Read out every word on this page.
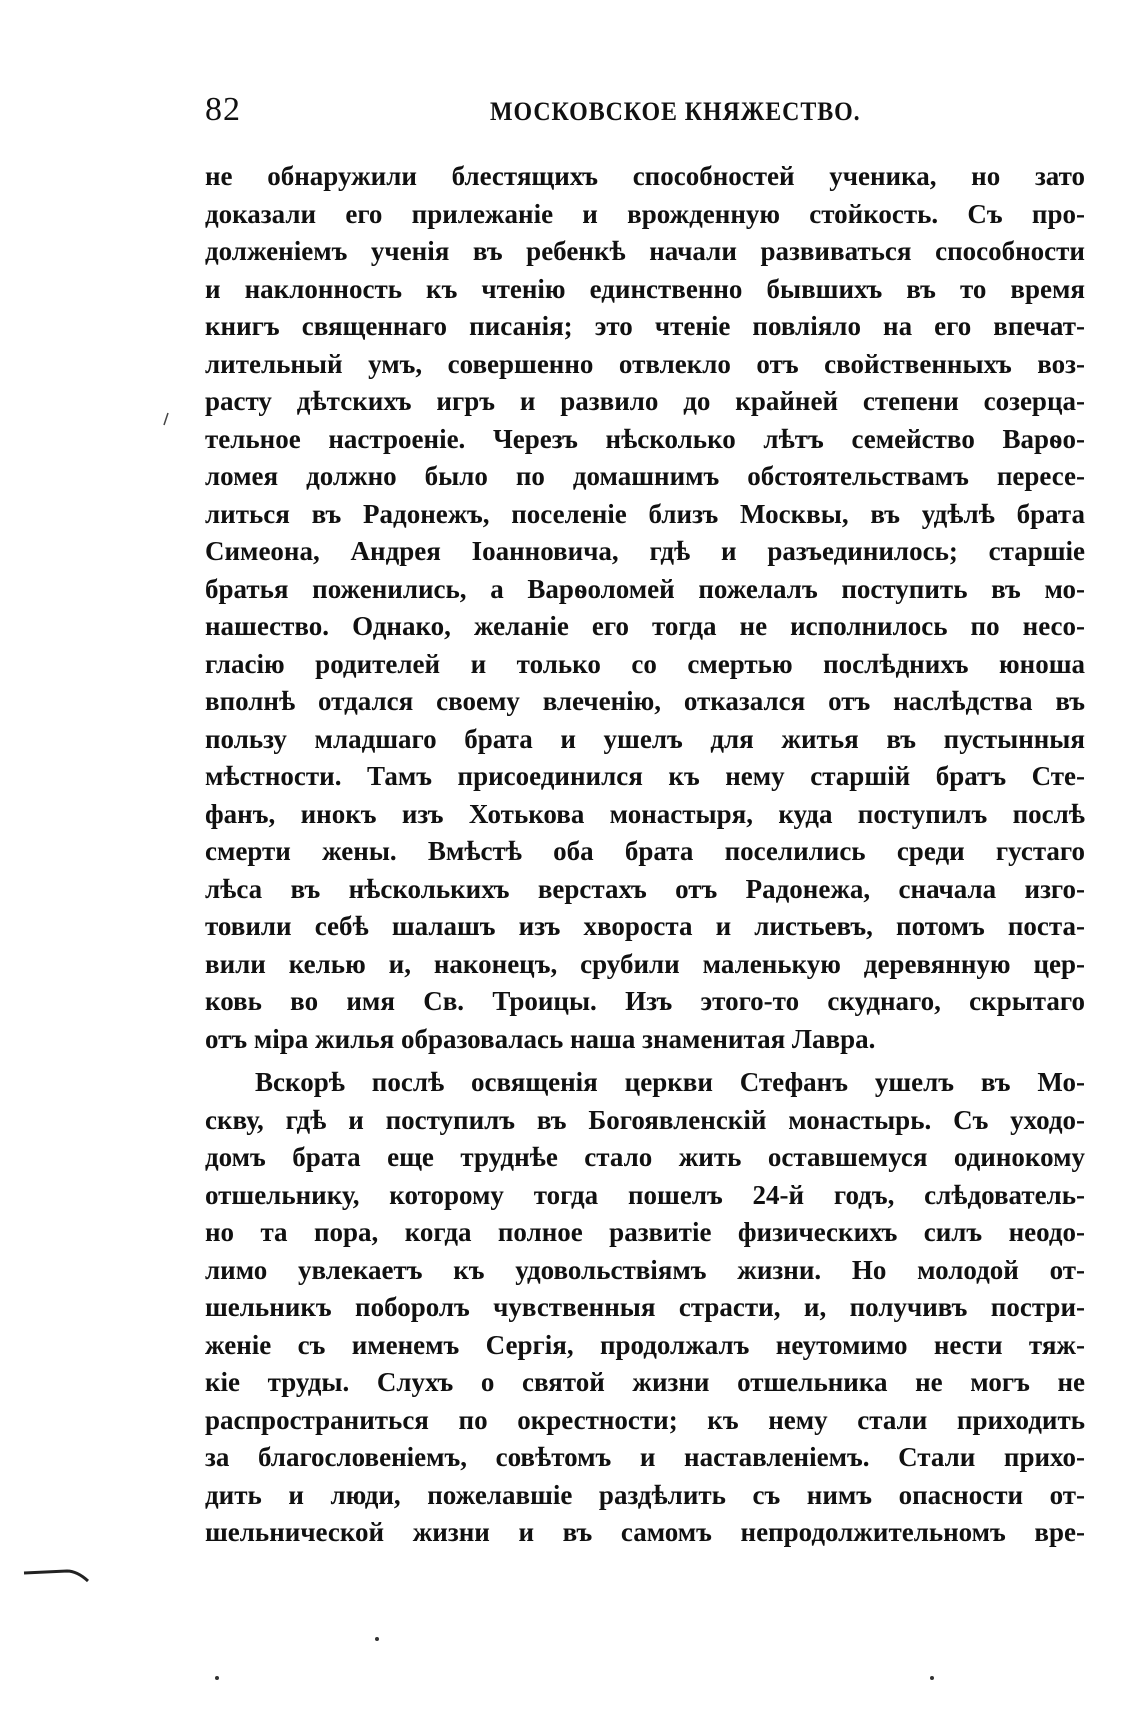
82	МОСКОВСКОЕ КНЯЖЕСТВО.
не обнаружили блестящихъ способностей ученика, но зато
доказали его прилежаніе и врожденную стойкость. Съ про-
долженіемъ ученія въ ребенкѣ начали развиваться способности
и наклонность къ чтенію единственно бывшихъ въ то время
книгъ священнаго писанія; это чтеніе повліяло на его впечат-
лительный умъ, совершенно отвлекло отъ свойственныхъ воз-
расту дѣтскихъ игръ и развило до крайней степени созерца-
тельное настроеніе. Черезъ нѣсколько лѣтъ семейство Варѳо-
ломея должно было по домашнимъ обстоятельствамъ пересе-
литься въ Радонежъ, поселеніе близъ Москвы, въ удѣлѣ брата
Симеона, Андрея Іоанновича, гдѣ и разъединилось; старшіе
братья поженились, а Варѳоломей пожелалъ поступить въ мо-
нашество. Однако, желаніе его тогда не исполнилось по несо-
гласію родителей и только со смертью послѣднихъ юноша
вполнѣ отдался своему влеченію, отказался отъ наслѣдства въ
пользу младшаго брата и ушелъ для житья въ пустынныя
мѣстности. Тамъ присоединился къ нему старшій братъ Сте-
фанъ, инокъ изъ Хотькова монастыря, куда поступилъ послѣ
смерти жены. Вмѣстѣ оба брата поселились среди густаго
лѣса въ нѣсколькихъ верстахъ отъ Радонежа, сначала изго-
товили себѣ шалашъ изъ хвороста и листьевъ, потомъ поста-
вили келью и, наконецъ, срубили маленькую деревянную цер-
ковь во имя Св. Троицы. Изъ этого-то скуднаго, скрытаго
отъ міра жилья образовалась наша знаменитая Лавра.
Вскорѣ послѣ освященія церкви Стефанъ ушелъ въ Мо-
скву, гдѣ и поступилъ въ Богоявленскій монастырь. Съ уходо-
домъ брата еще труднѣе стало жить оставшемуся одинокому
отшельнику, которому тогда пошелъ 24-й годъ, слѣдователь-
но та пора, когда полное развитіе физическихъ силъ неодо-
лимо увлекаетъ къ удовольствіямъ жизни. Но молодой от-
шельникъ поборолъ чувственныя страсти, и, получивъ постри-
женіе съ именемъ Сергія, продолжалъ неутомимо нести тяж-
кіе труды. Слухъ о святой жизни отшельника не могъ не
распространиться по окрестности; къ нему стали приходить
за благословеніемъ, совѣтомъ и наставленіемъ. Стали прихо-
дить и люди, пожелавшіе раздѣлить съ нимъ опасности от-
шельнической жизни и въ самомъ непродолжительномъ вре-
